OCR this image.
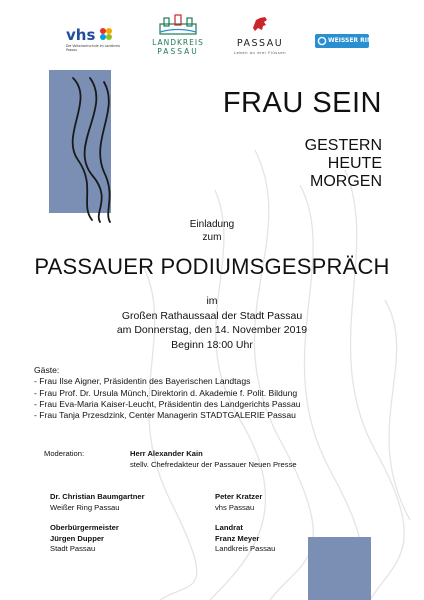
vhs
Die Volkshochschule im Landkreis Passau
LANDKREIS
PASSAU
PASSAU
Leben an drei Flüssen
WEISSER RING
FRAU SEIN
GESTERN
HEUTE
MORGEN
Einladung
zum
PASSAUER PODIUMSGESPRÄCH
im
Großen Rathaussaal der Stadt Passau
am Donnerstag, den 14. November 2019
Beginn 18:00 Uhr
Gäste:
- Frau Ilse Aigner, Präsidentin des Bayerischen Landtags
- Frau Prof. Dr. Ursula Münch, Direktorin d. Akademie f. Polit. Bildung
- Frau Eva-Maria Kaiser-Leucht, Präsidentin des Landgerichts Passau
- Frau Tanja Przesdzink, Center Managerin STADTGALERIE Passau
Moderation:	Herr Alexander Kain
stellv. Chefredakteur der Passauer Neuen Presse
Dr. Christian Baumgartner
Weißer Ring Passau
Peter Kratzer
vhs Passau
Oberbürgermeister
Jürgen Dupper
Stadt Passau
Landrat
Franz Meyer
Landkreis Passau
